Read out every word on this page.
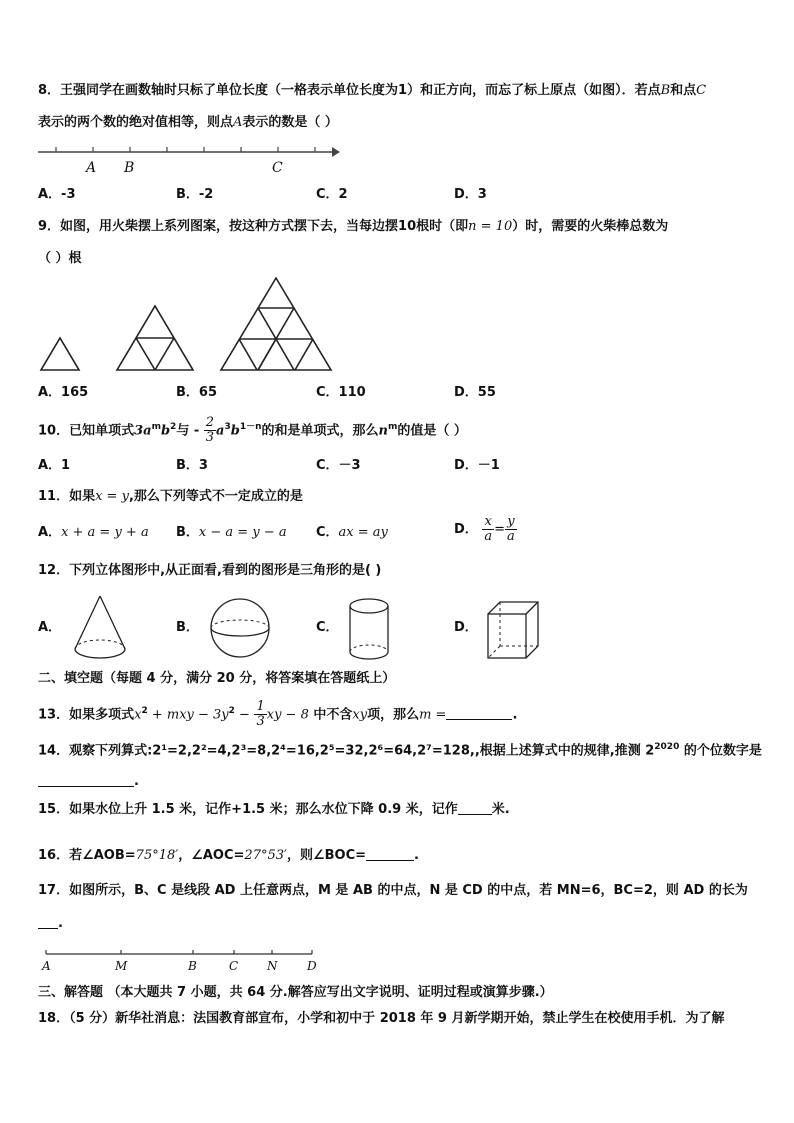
8．王强同学在画数轴时只标了单位长度（一格表示单位长度为1）和正方向，而忘了标上原点（如图）．若点B和点C
表示的两个数的绝对值相等，则点A表示的数是（ ）
A B	C
A．-3	B．-2	C．2	D．3
9．如图，用火柴摆上系列图案，按这种方式摆下去，当每边摆10根时（即n = 10）时，需要的火柴棒总数为
（ ）根
A．165	B．65	C．110	D．55
10．已知单项式$3a^mb^2$与 - $\frac{2}{3} a^3b^{1-n}$的和是单项式，那么$n^m$的值是（ ）
A．1	B．3	C．－3	D．－1
11．如果x = y,那么下列等式不一定成立的是
A．x + a = y + a B．x − a = y − a C．ax = ay	D． $\frac{x}{a} = \frac{y}{a}$
12．下列立体图形中,从正面看,看到的图形是三角形的是( )
A．	B．	C．	D．
二、填空题（每题 4 分，满分 20 分，将答案填在答题纸上）
13．如果多项式$x^2$ + mxy − $3y^2 - \frac{1}{3}$ xy − 8 中不含xy项，那么m =	.
14．观察下列算式:2¹=2,2²=4,2³=8,2⁴=16,2⁵=32,2⁶=64,2⁷=128,,根据上述算式中的规律,推测 $2^{2020}$ 的个位数字是
.
15．如果水位上升 1.5 米，记作+1.5 米；那么水位下降 0.9 米，记作	米.
16．若∠AOB=75°18′，∠AOC=27°53′，则∠BOC=	.
17．如图所示，B、C 是线段 AD 上任意两点，M 是 AB 的中点，N 是 CD 的中点，若 MN=6，BC=2，则 AD 的长为
.
A	M	B	C N D
三、解答题 （本大题共 7 小题，共 64 分.解答应写出文字说明、证明过程或演算步骤.）
18．（5 分）新华社消息：法国教育部宣布，小学和初中于 2018 年 9 月新学期开始，禁止学生在校使用手机．为了解
